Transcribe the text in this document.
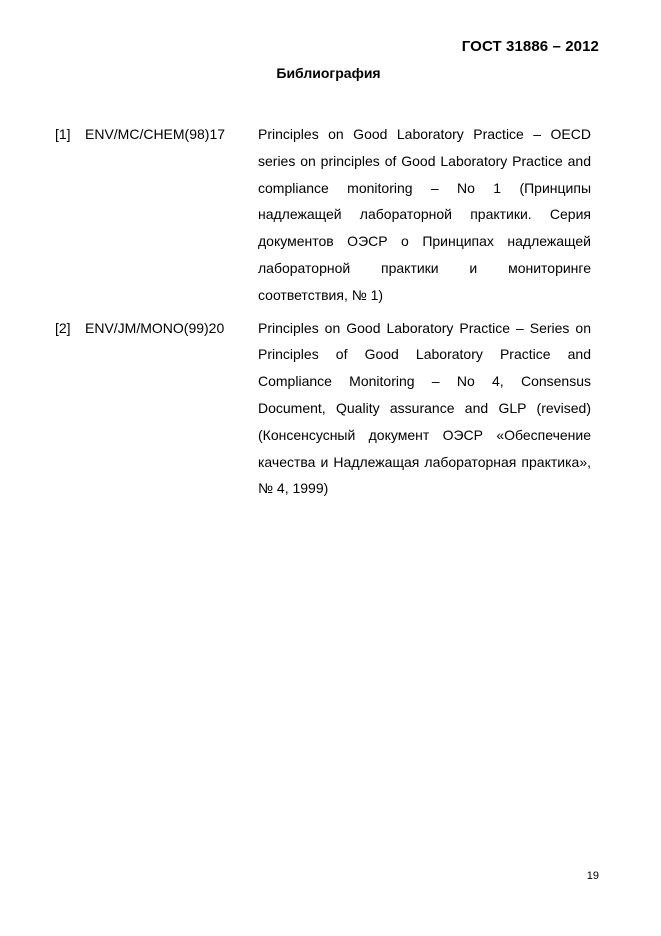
ГОСТ 31886 – 2012
Библиография
[1]	ENV/MC/CHEM(98)17	Principles on Good Laboratory Practice – OECD series on principles of Good Laboratory Practice and compliance monitoring – No 1 (Принципы надлежащей лабораторной практики. Серия документов ОЭСР о Принципах надлежащей лабораторной практики и мониторинге соответствия, № 1)
[2]	ENV/JM/MONO(99)20	Principles on Good Laboratory Practice – Series on Principles of Good Laboratory Practice and Compliance Monitoring – No 4, Consensus Document, Quality assurance and GLP (revised) (Консенсусный документ ОЭСР «Обеспечение качества и Надлежащая лабораторная практика», № 4, 1999)
19
